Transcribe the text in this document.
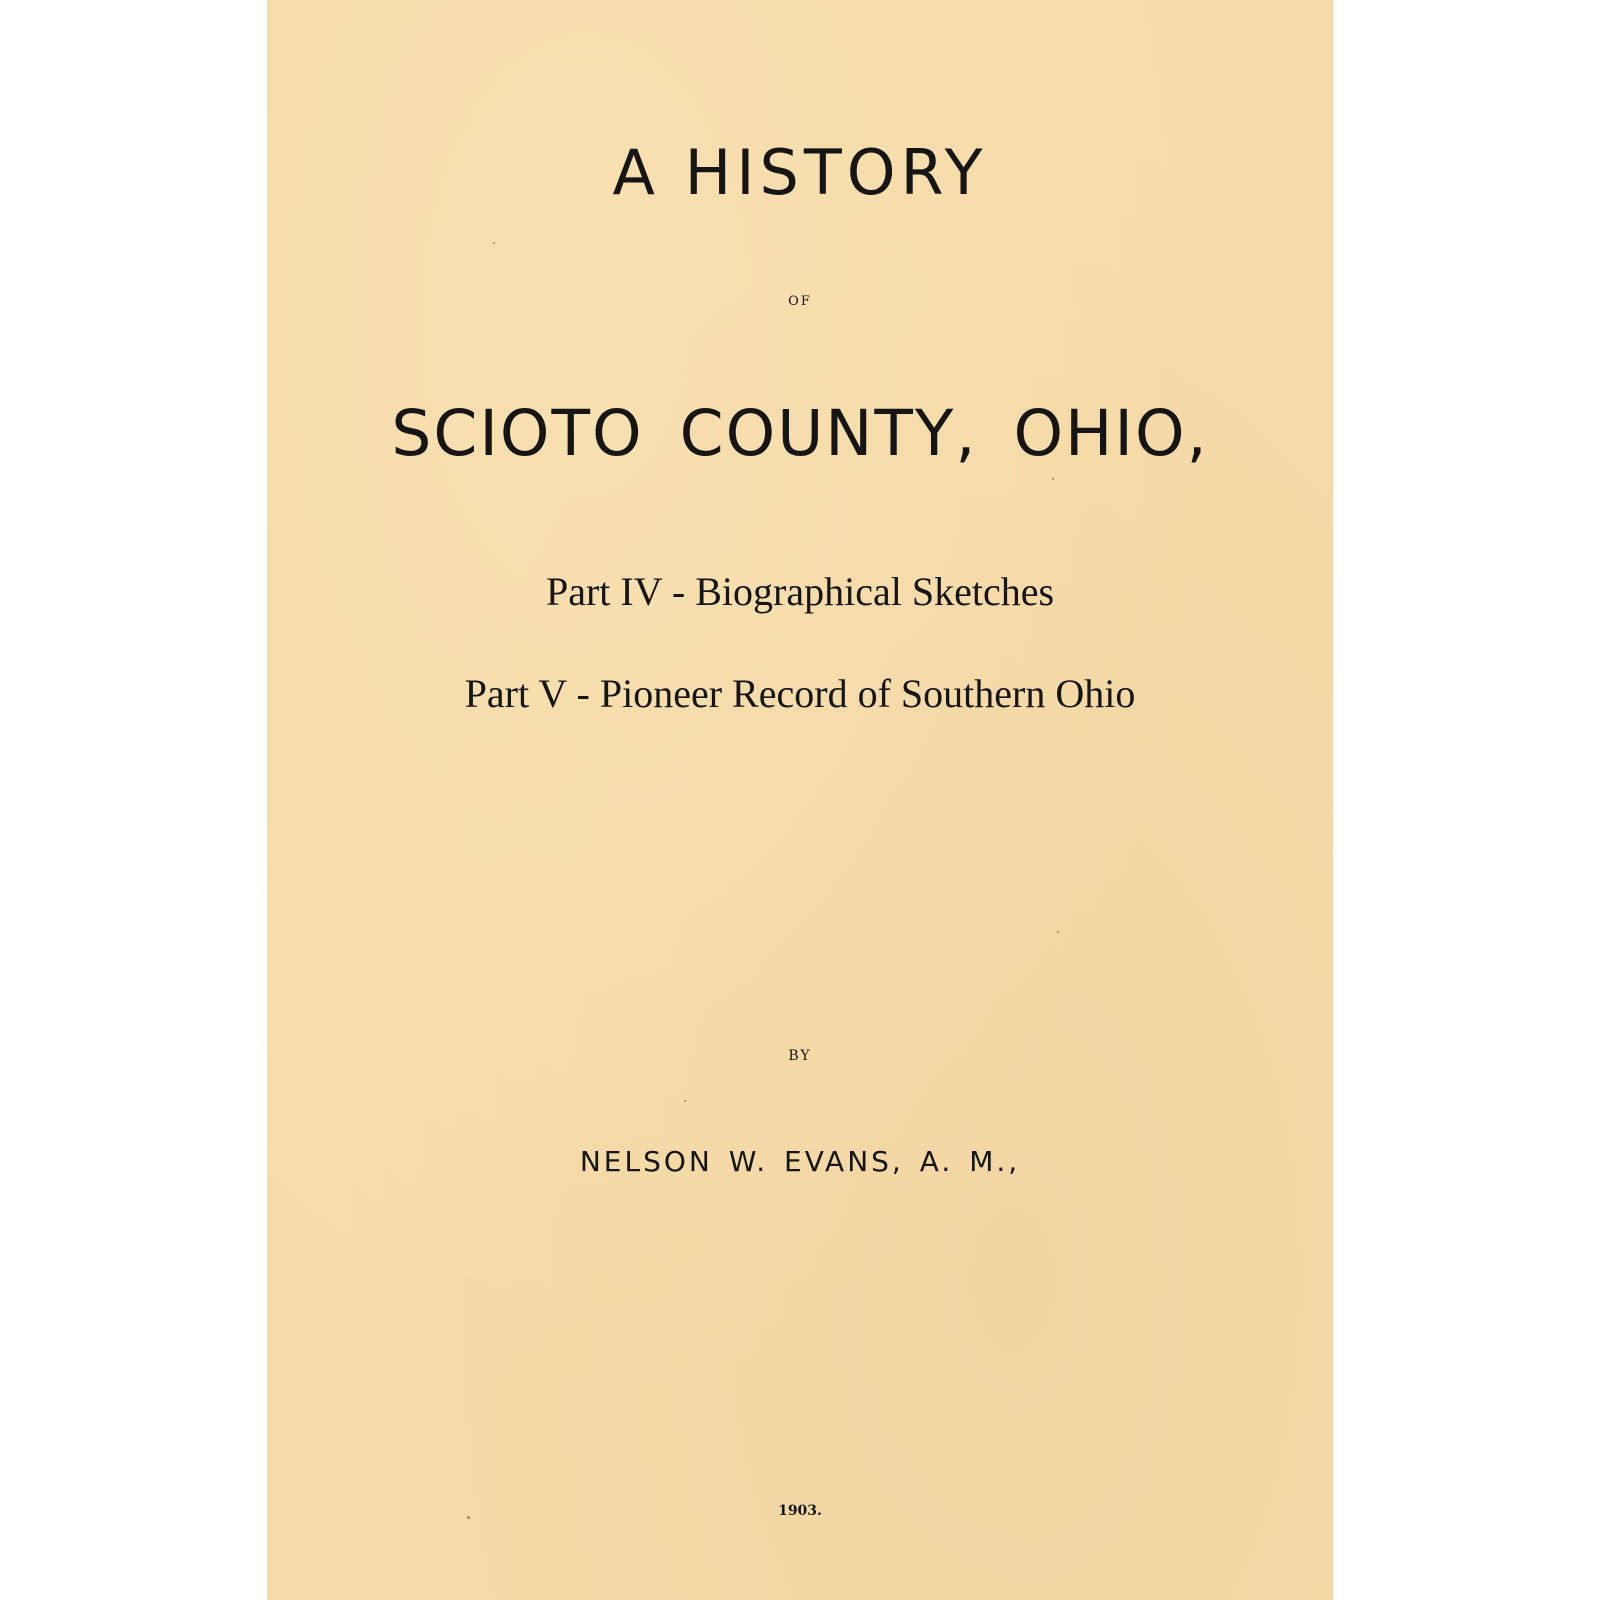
A HISTORY
OF
SCIOTO COUNTY, OHIO,
Part IV - Biographical Sketches
Part V - Pioneer Record of Southern Ohio
BY
NELSON W. EVANS, A. M.,
1903.
